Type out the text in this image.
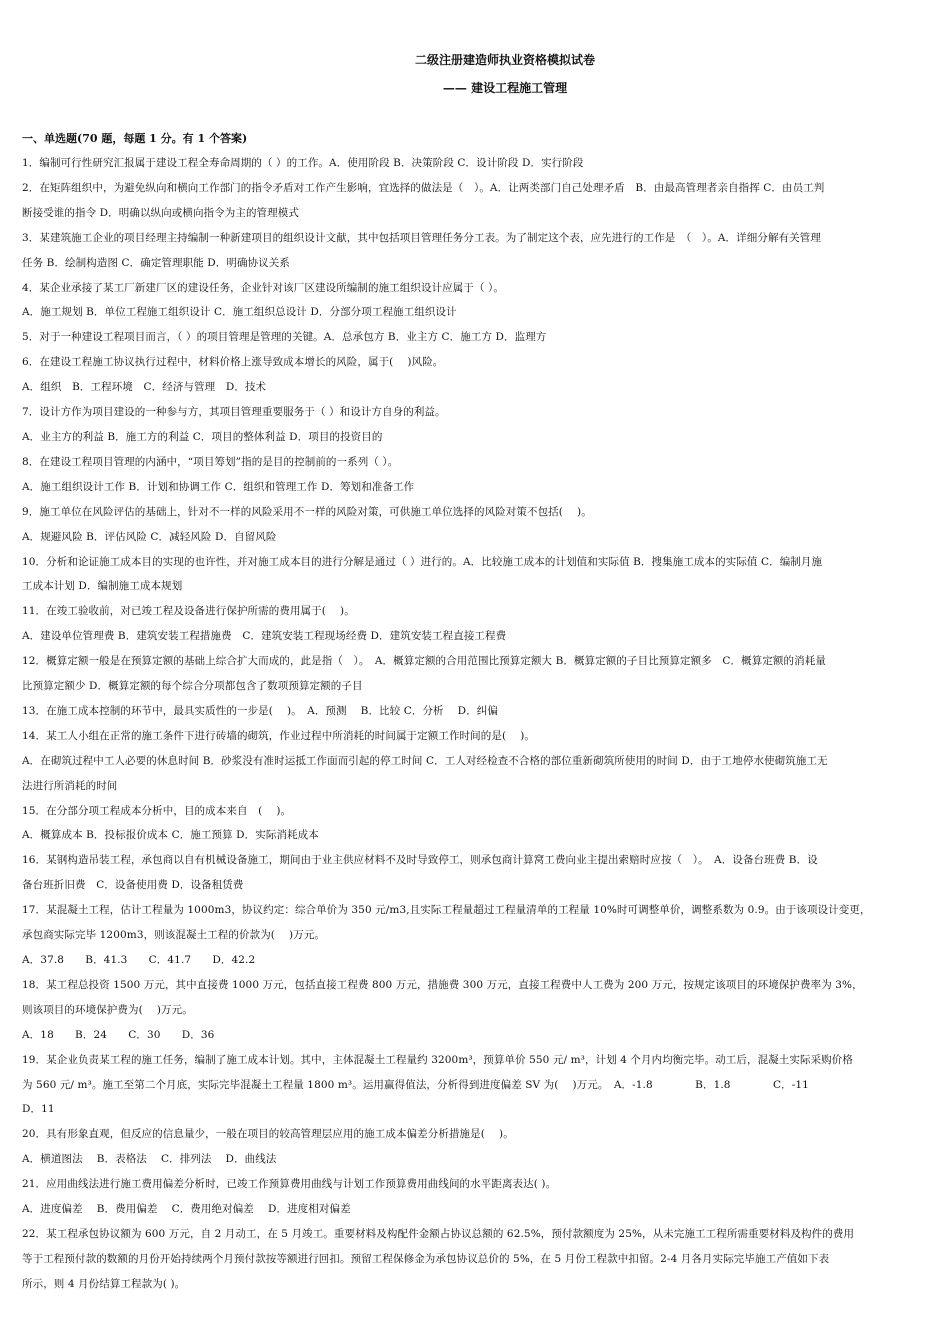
二级注册建造师执业资格模拟试卷
—— 建设工程施工管理
一、单选题(70 题，每题 1 分。有 1 个答案)
1．编制可行性研究汇报属于建设工程全寿命周期的（ ）的工作。A．使用阶段 B．决策阶段 C．设计阶段 D．实行阶段
2．在矩阵组织中，为避免纵向和横向工作部门的指令矛盾对工作产生影响，宜选择的做法是（　）。A．让两类部门自己处理矛盾　B．由最高管理者亲自指挥 C．由员工判
断接受谁的指令 D．明确以纵向或横向指令为主的管理模式
3．某建筑施工企业的项目经理主持编制一种新建项目的组织设计文献，其中包括项目管理任务分工表。为了制定这个表，应先进行的工作是　（　）。A．详细分解有关管理
任务 B．绘制构造图 C．确定管理职能 D．明确协议关系
4．某企业承接了某工厂新建厂区的建设任务，企业针对该厂区建设所编制的施工组织设计应属于（ ）。
A．施工规划 B．单位工程施工组织设计 C．施工组织总设计 D．分部分项工程施工组织设计
5．对于一种建设工程项目而言，（ ）的项目管理是管理的关键。A．总承包方 B．业主方 C．施工方 D．监理方
6．在建设工程施工协议执行过程中，材料价格上涨导致成本增长的风险，属于(　 )风险。
A．组织　B．工程环境　C．经济与管理　D．技术
7．设计方作为项目建设的一种参与方，其项目管理重要服务于（ ）和设计方自身的利益。
A．业主方的利益 B．施工方的利益 C．项目的整体利益 D．项目的投资目的
8．在建设工程项目管理的内涵中，“项目筹划”指的是目的控制前的一系列（ ）。
A．施工组织设计工作 B．计划和协调工作 C．组织和管理工作 D．筹划和准备工作
9．施工单位在风险评估的基础上，针对不一样的风险采用不一样的风险对策，可供施工单位选择的风险对策不包括(　 )。
A．规避风险 B．评估风险 C．减轻风险 D．自留风险
10．分析和论证施工成本目的实现的也许性，并对施工成本目的进行分解是通过（ ）进行的。A．比较施工成本的计划值和实际值 B．搜集施工成本的实际值 C．编制月施
工成本计划 D．编制施工成本规划
11．在竣工验收前，对已竣工程及设备进行保护所需的费用属于(　 )。
A．建设单位管理费 B．建筑安装工程措施费　C．建筑安装工程现场经费 D．建筑安装工程直接工程费
12．概算定额一般是在预算定额的基础上综合扩大而成的，此是指（　）。　A．概算定额的合用范围比预算定额大 B．概算定额的子目比预算定额多　C．概算定额的消耗量
比预算定额少 D．概算定额的每个综合分项都包含了数项预算定额的子目
13．在施工成本控制的环节中，最具实质性的一步是(　 )。　A．预测　 B．比较 C．分析　 D．纠偏
14．某工人小组在正常的施工条件下进行砖墙的砌筑，作业过程中所消耗的时间属于定额工作时间的是(　 )。
A．在砌筑过程中工人必要的休息时间 B．砂浆没有准时运抵工作面而引起的停工时间 C．工人对经检查不合格的部位重新砌筑所使用的时间 D．由于工地停水使砌筑施工无
法进行所消耗的时间
15．在分部分项工程成本分析中，目的成本来自　(　 )。
A．概算成本 B．投标报价成本 C．施工预算 D．实际消耗成本
16．某钢构造吊装工程，承包商以自有机械设备施工，期间由于业主供应材料不及时导致停工，则承包商计算窝工费向业主提出索赔时应按（　）。　A．设备台班费 B．设
备台班折旧费　C．设备使用费 D．设备租赁费
17．某混凝土工程，估计工程量为 1000m3，协议约定：综合单价为 350 元/m3,且实际工程量超过工程量清单的工程量 10%时可调整单价，调整系数为 0.9。由于该项设计变更，
承包商实际完毕 1200m3，则该混凝土工程的价款为(　 )万元。
A．37.8　　B．41.3　　C．41.7　　D．42.2
18．某工程总投资 1500 万元，其中直接费 1000 万元，包括直接工程费 800 万元，措施费 300 万元，直接工程费中人工费为 200 万元，按规定该项目的环境保护费率为 3%，
则该项目的环境保护费为(　 )万元。
A．18　　B．24　　C．30　　D．36
19．某企业负责某工程的施工任务，编制了施工成本计划。其中，主体混凝土工程量约 3200m³，预算单价 550 元/ m³，计划 4 个月内均衡完毕。动工后，混凝土实际采购价格
为 560 元/ m³。施工至第二个月底，实际完毕混凝土工程量 1800 m³。运用赢得值法，分析得到进度偏差 SV 为(　 )万元。　A．-1.8　　　　B．1.8　　　　C．-11
D．11
20．具有形象直观，但反应的信息量少，一般在项目的较高管理层应用的施工成本偏差分析措施是(　 )。
A．横道图法　 B．表格法　 C．排列法　 D．曲线法
21．应用曲线法进行施工费用偏差分析时，已竣工作预算费用曲线与计划工作预算费用曲线间的水平距离表达( )。
A．进度偏差　 B．费用偏差　 C．费用绝对偏差　 D．进度相对偏差
22．某工程承包协议额为 600 万元，自 2 月动工，在 5 月竣工。重要材料及构配件金额占协议总额的 62.5%，预付款额度为 25%，从未完施工工程所需重要材料及构件的费用
等于工程预付款的数额的月份开始持续两个月预付款按等额进行回扣。预留工程保修金为承包协议总价的 5%，在 5 月份工程款中扣留。2-4 月各月实际完毕施工产值如下表
所示，则 4 月份结算工程款为( )。
